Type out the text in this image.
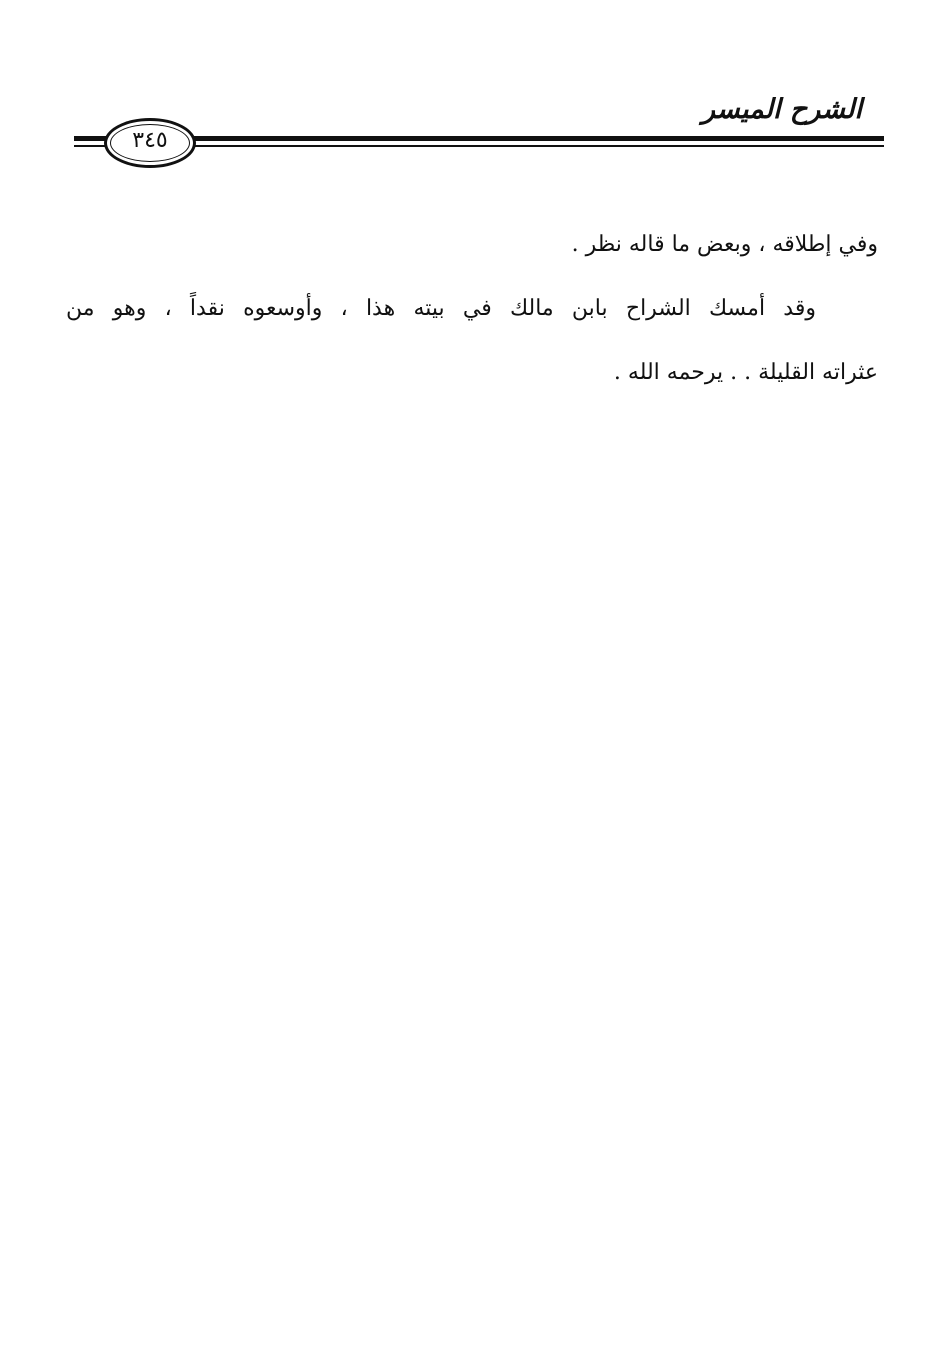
الشرح الميسر
٣٤٥
وفي إطلاقه ، وبعض ما قاله نظر .
وقد أمسك الشراح بابن مالك في بيته هذا ، وأوسعوه نقداً ، وهو من
عثراته القليلة . . يرحمه الله .
